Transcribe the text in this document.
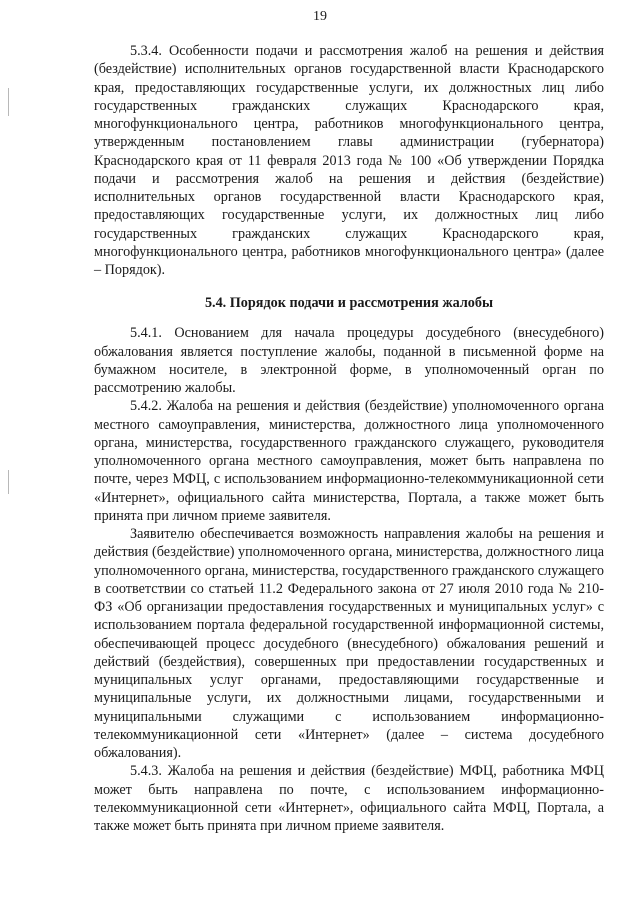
19

5.3.4. Особенности подачи и рассмотрения жалоб на решения и действия (бездействие) исполнительных органов государственной власти Краснодарского края, предоставляющих государственные услуги, их должностных лиц либо государственных гражданских служащих Краснодарского края, многофункционального центра, работников многофункционального центра, утвержденным постановлением главы администрации (губернатора) Краснодарского края от 11 февраля 2013 года № 100 «Об утверждении Порядка подачи и рассмотрения жалоб на решения и действия (бездействие) исполнительных органов государственной власти Краснодарского края, предоставляющих государственные услуги, их должностных лиц либо государственных гражданских служащих Краснодарского края, многофункционального центра, работников многофункционального центра» (далее – Порядок).

5.4. Порядок подачи и рассмотрения жалобы

5.4.1. Основанием для начала процедуры досудебного (внесудебного) обжалования является поступление жалобы, поданной в письменной форме на бумажном носителе, в электронной форме, в уполномоченный орган по рассмотрению жалобы.

5.4.2. Жалоба на решения и действия (бездействие) уполномоченного органа местного самоуправления, министерства, должностного лица уполномоченного органа, министерства, государственного гражданского служащего, руководителя уполномоченного органа местного самоуправления, может быть направлена по почте, через МФЦ, с использованием информационно-телекоммуникационной сети «Интернет», официального сайта министерства, Портала, а также может быть принята при личном приеме заявителя.

Заявителю обеспечивается возможность направления жалобы на решения и действия (бездействие) уполномоченного органа, министерства, должностного лица уполномоченного органа, министерства, государственного гражданского служащего в соответствии со статьей 11.2 Федерального закона от 27 июля 2010 года № 210-ФЗ «Об организации предоставления государственных и муниципальных услуг» с использованием портала федеральной государственной информационной системы, обеспечивающей процесс досудебного (внесудебного) обжалования решений и действий (бездействия), совершенных при предоставлении государственных и муниципальных услуг органами, предоставляющими государственные и муниципальные услуги, их должностными лицами, государственными и муниципальными служащими с использованием информационно-телекоммуникационной сети «Интернет» (далее – система досудебного обжалования).

5.4.3. Жалоба на решения и действия (бездействие) МФЦ, работника МФЦ может быть направлена по почте, с использованием информационно-телекоммуникационной сети «Интернет», официального сайта МФЦ, Портала, а также может быть принята при личном приеме заявителя.
